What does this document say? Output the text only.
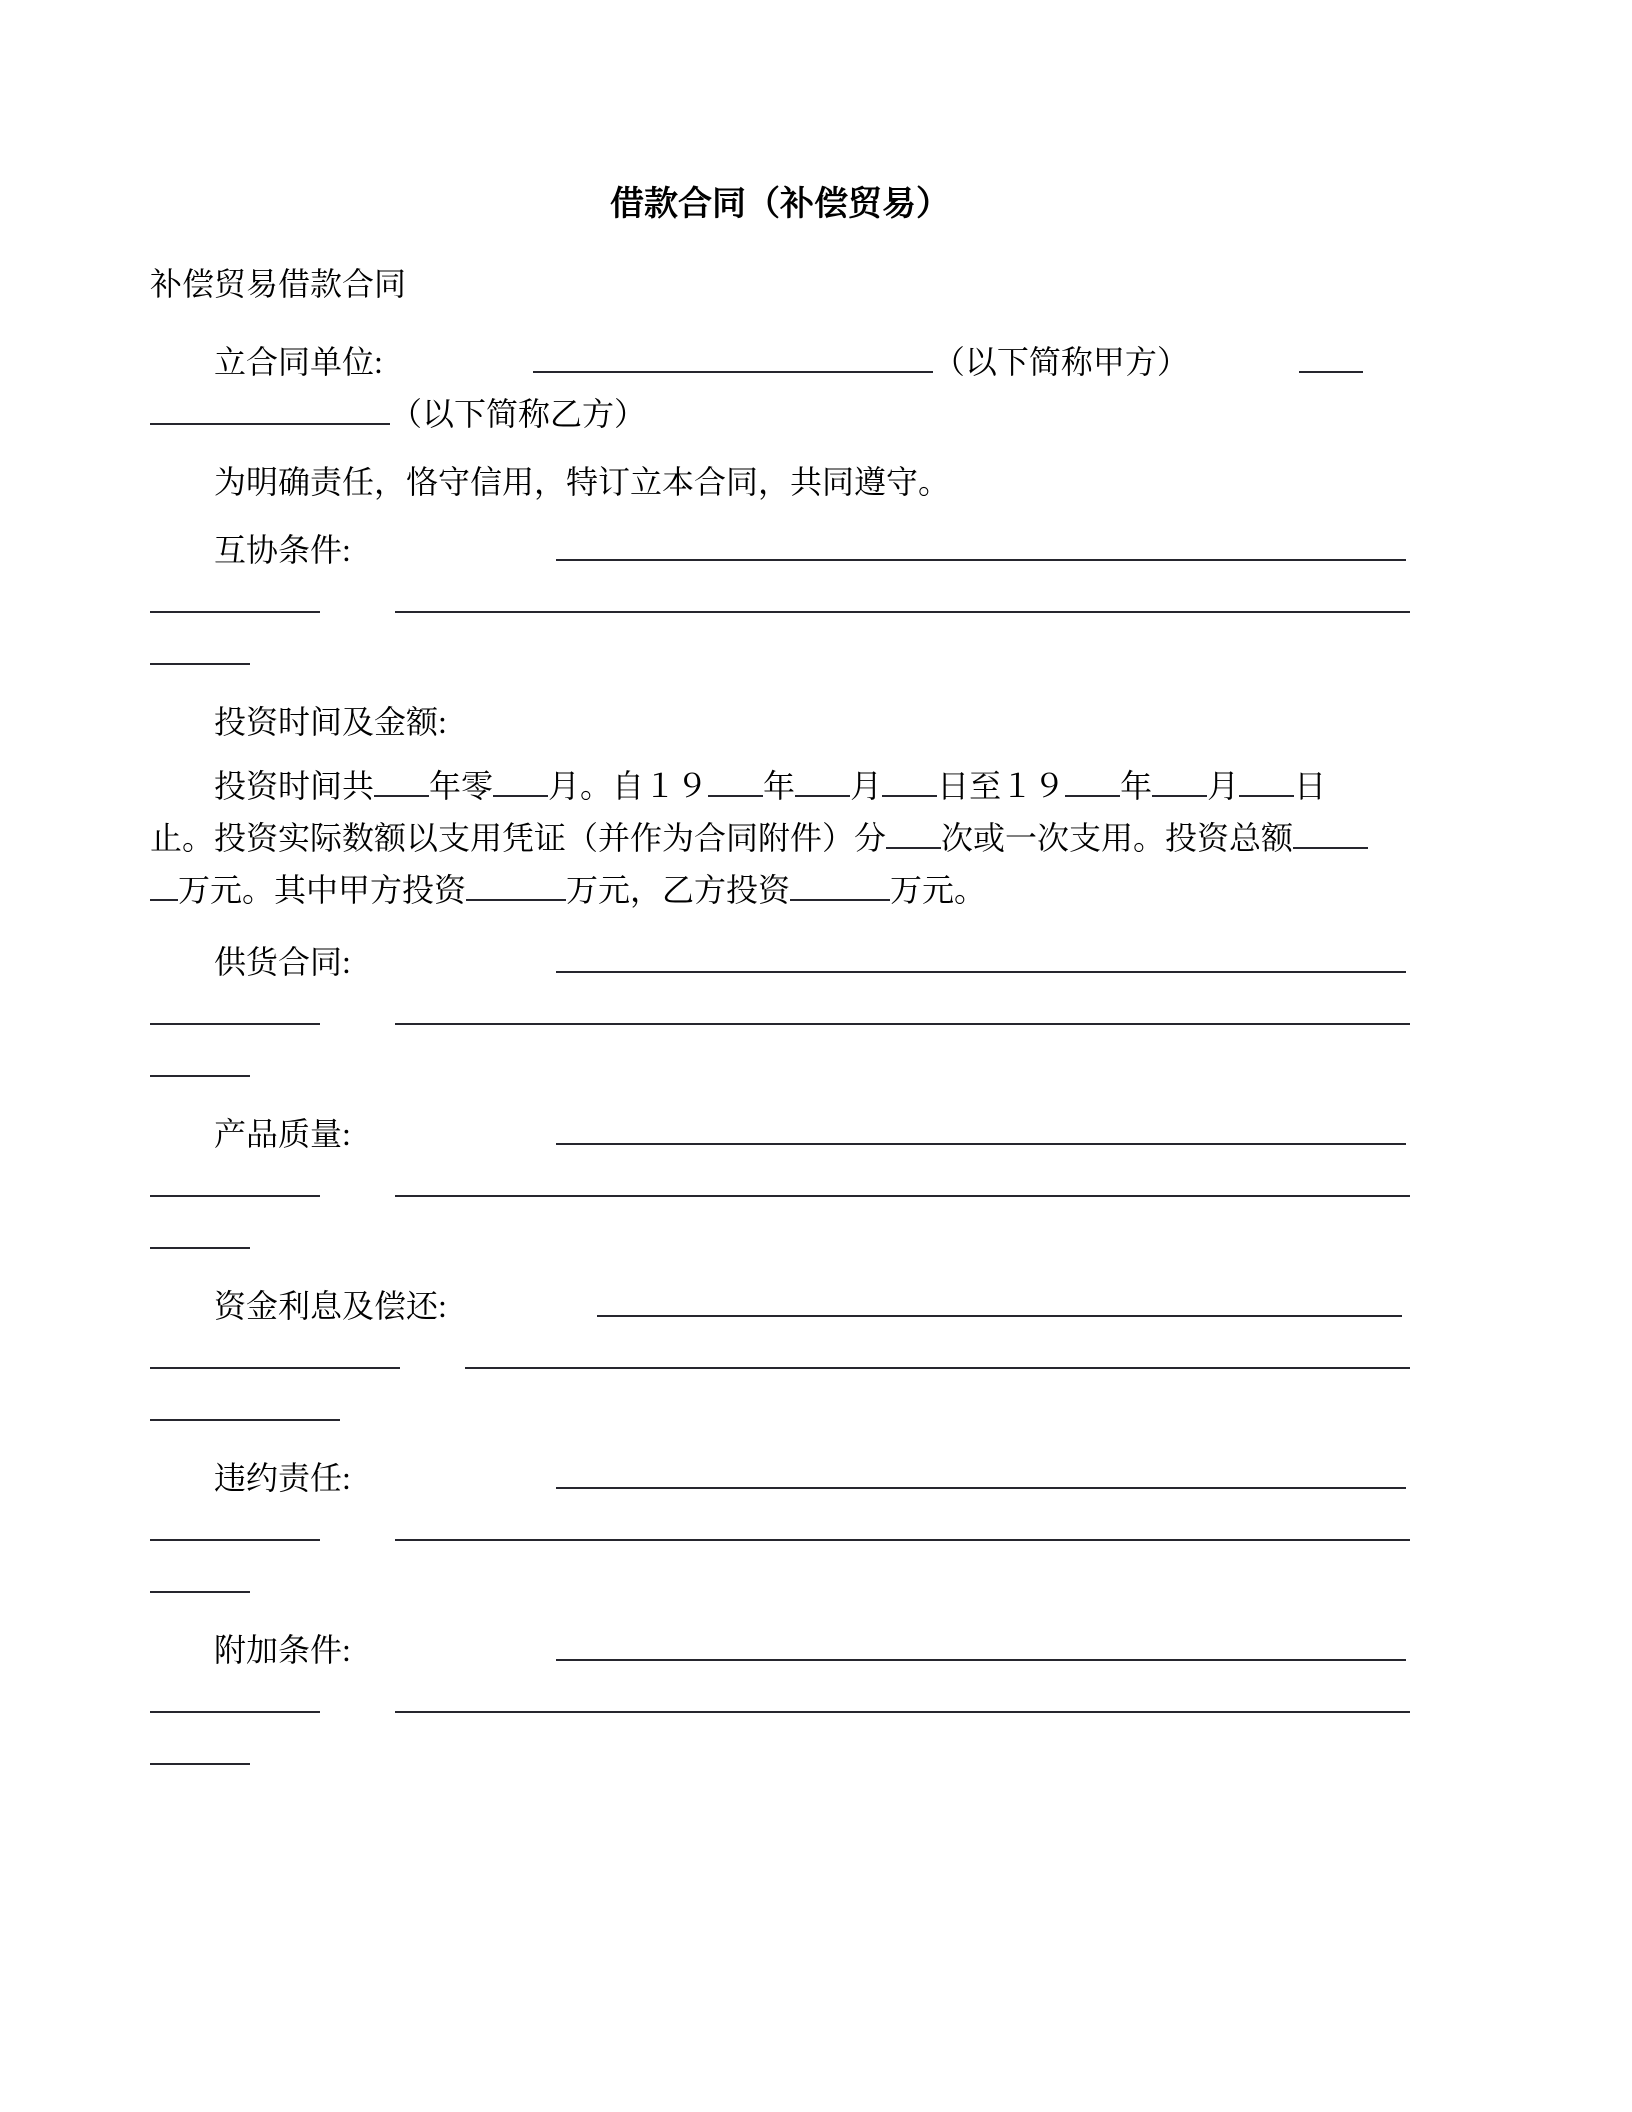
借款合同（补偿贸易）
补偿贸易借款合同
立合同单位:	（以下简称甲方）
（以下简称乙方）
为明确责任，恪守信用，特订立本合同，共同遵守。
互协条件:
投资时间及金额:
投资时间共 年零 月。自１９ 年 月 日至１９ 年 月 日
止。投资实际数额以支用凭证（并作为合同附件）分 次或一次支用。投资总额
万元。其中甲方投资	万元，乙方投资	万元。
供货合同:
产品质量:
资金利息及偿还:
违约责任:
附加条件:
